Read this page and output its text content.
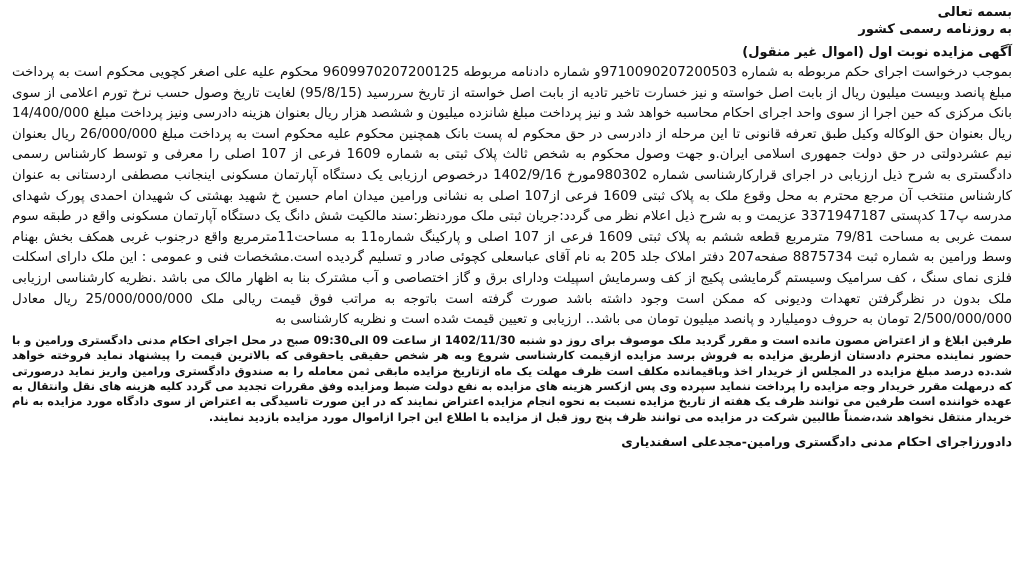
بسمه تعالی
به روزنامه رسمی کشور
آگهی مزایده نوبت اول (اموال غیر منقول)
بموجب درخواست اجرای حکم مربوطه به شماره 9710090207200503و شماره دادنامه مربوطه 9609970207200125 محکوم علیه علی اصغر کچویی محکوم است به پرداخت مبلغ پانصد وبیست میلیون ریال از بابت اصل خواسته و نیز خسارت تاخیر تادیه از بابت اصل خواسته از تاریخ سررسید (95/8/15) لغایت تاریخ وصول حسب نرخ تورم اعلامی از سوی بانک مرکزی که حین اجرا از سوی واحد اجرای احکام محاسبه خواهد شد و نیز پرداخت مبلغ شانزده میلیون و ششصد هزار ریال بعنوان هزینه دادرسی ونیز پرداخت مبلغ 14/400/000 ریال بعنوان حق الوکاله وکیل طبق تعرفه قانونی تا این مرحله از دادرسی در حق محکوم له پست بانک همچنین محکوم علیه محکوم است به پرداخت مبلغ 26/000/000 ریال بعنوان نیم عشردولتی در حق دولت جمهوری اسلامی ایران.و جهت وصول محکوم به شخص ثالث پلاک ثبتی به شماره 1609 فرعی از 107 اصلی را معرفی و توسط کارشناس رسمی دادگستری به شرح ذیل ارزیابی در اجرای قرارکارشناسی شماره 980302مورخ 1402/9/16 درخصوص ارزیابی یک دستگاه آپارتمان مسکونی اینجانب مصطفی اردستانی به عنوان کارشناس منتخب آن مرجع محترم به محل وقوع ملک به پلاک ثبتی 1609 فرعی از107 اصلی به نشانی ورامین میدان امام حسین خ شهید بهشتی ک شهیدان احمدی پورک شهدای مدرسه پ17 کدپستی 3371947187 عزیمت و به شرح ذیل اعلام نظر می گردد:جریان ثبتی ملک موردنظر:سند مالکیت شش دانگ یک دستگاه آپارتمان مسکونی واقع در طبقه سوم سمت غربی به مساحت 79/81 مترمربع قطعه ششم به پلاک ثبتی 1609 فرعی از 107 اصلی و پارکینگ شماره11 به مساحت11مترمربع واقع درجنوب غربی همکف بخش بهنام وسط ورامین به شماره ثبت 8875734 صفحه207 دفتر املاک جلد 205 به نام آقای عباسعلی کچوئی صادر و تسلیم گردیده است.مشخصات فنی و عمومی : این ملک دارای اسکلت فلزی نمای سنگ ، کف سرامیک وسیستم گرمایشی پکیج از کف وسرمایش اسپیلت ودارای برق و گاز اختصاصی و آب مشترک بنا به اظهار مالک می باشد .نظریه کارشناسی ارزیابی ملک بدون در نظرگرفتن تعهدات ودیونی که ممکن است وجود داشته باشد صورت گرفته است باتوجه به مراتب فوق قیمت ریالی ملک 25/000/000/000 ریال معادل 2/500/000/000 تومان به حروف دومیلیارد و پانصد میلیون تومان می باشد.. ارزیابی و تعیین قیمت شده است و نظریه کارشناسی به
طرفین ابلاغ و از اعتراض مصون مانده است و مقرر گردید ملک موصوف برای روز دو شنبه 1402/11/30 از ساعت 09 الی09:30 صبح در محل اجرای احکام مدنی دادگستری ورامین و با حضور نماینده محترم دادستان ازطریق مزایده به فروش برسد مزایده ازقیمت کارشناسی شروع وبه هر شخص حقیقی یاحقوقی که بالاترین قیمت را پیشنهاد نماید فروخته خواهد شد.ده درصد مبلغ مزایده در المجلس از خریدار اخذ وباقیمانده مکلف است ظرف مهلت یک ماه ازتاریخ مزایده مابقی ثمن معامله را به صندوق دادگستری ورامین واریز نماید درصورتی که درمهلت مقرر خریدار وجه مزایده را پرداخت ننماید سپرده وی پس ازکسر هزینه های مزایده به نفع دولت ضبط ومزایده وفق مقررات تجدید می گردد کلیه هزینه های نقل وانتقال به عهده خواننده است طرفین می توانند ظرف یک هفته از تاریخ مزایده نسبت به نحوه انجام مزایده اعتراض نمایند که در این صورت تاسیدگی به اعتراض از سوی دادگاه مورد مزایده به نام خریدار منتقل نخواهد شد،ضمناً طالبین شرکت در مزایده می توانند ظرف پنج روز قبل از مزایده با اطلاع این اجرا ازاموال مورد مزایده بازدید نمایند.
دادورزاجرای احکام مدنی دادگستری ورامین-مجدعلی اسفندیاری
